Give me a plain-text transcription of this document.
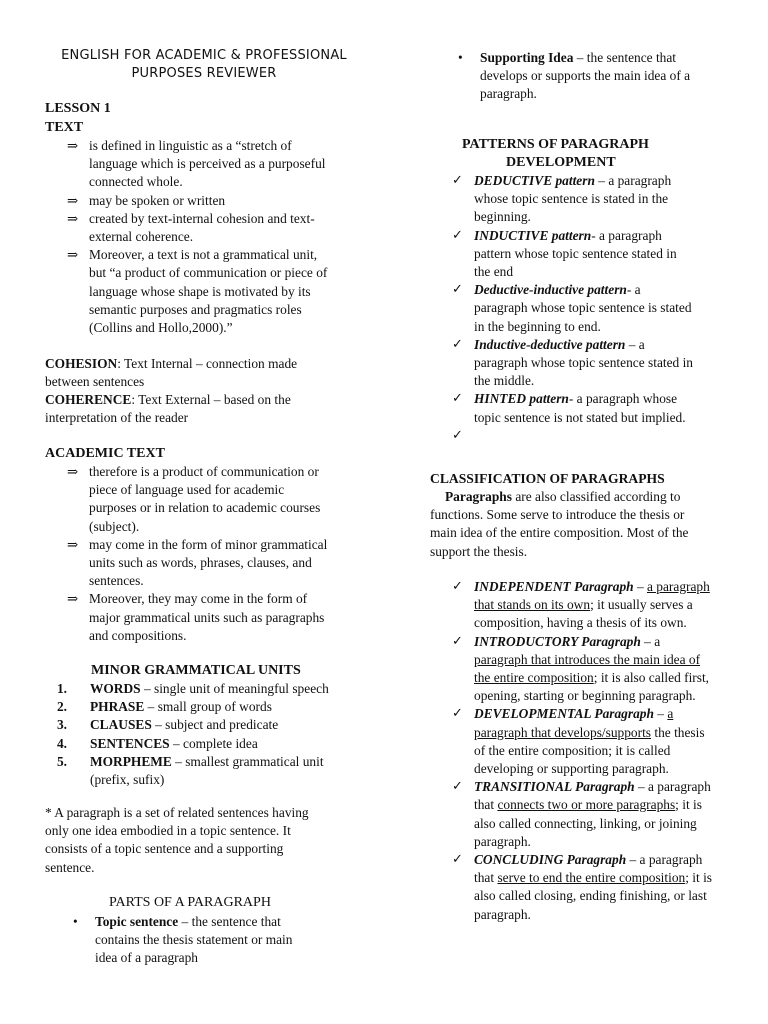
ENGLISH FOR ACADEMIC & PROFESSIONAL
PURPOSES REVIEWER
LESSON 1
TEXT
⇒ is defined in linguistic as a “stretch of
language which is perceived as a purposeful
connected whole.
⇒ may be spoken or written
⇒ created by text-internal cohesion and text-
external coherence.
⇒ Moreover, a text is not a grammatical unit,
but “a product of communication or piece of
language whose shape is motivated by its
semantic purposes and pragmatics roles
(Collins and Hollo,2000).”
COHESION: Text Internal – connection made
between sentences
COHERENCE: Text External – based on the
interpretation of the reader
ACADEMIC TEXT
⇒ therefore is a product of communication or
piece of language used for academic
purposes or in relation to academic courses
(subject).
⇒ may come in the form of minor grammatical
units such as words, phrases, clauses, and
sentences.
⇒ Moreover, they may come in the form of
major grammatical units such as paragraphs
and compositions.
MINOR GRAMMATICAL UNITS
1. WORDS – single unit of meaningful speech
2. PHRASE – small group of words
3. CLAUSES – subject and predicate
4. SENTENCES – complete idea
5. MORPHEME – smallest grammatical unit
(prefix, sufix)
* A paragraph is a set of related sentences having
only one idea embodied in a topic sentence. It
consists of a topic sentence and a supporting
sentence.
PARTS OF A PARAGRAPH
• Topic sentence – the sentence that
contains the thesis statement or main
idea of a paragraph
• Supporting Idea – the sentence that
develops or supports the main idea of a
paragraph.
PATTERNS OF PARAGRAPH
DEVELOPMENT
✓ DEDUCTIVE pattern – a paragraph
whose topic sentence is stated in the
beginning.
✓ INDUCTIVE pattern- a paragraph
pattern whose topic sentence stated in
the end
✓ Deductive-inductive pattern- a
paragraph whose topic sentence is stated
in the beginning to end.
✓ Inductive-deductive pattern – a
paragraph whose topic sentence stated in
the middle.
✓ HINTED pattern- a paragraph whose
topic sentence is not stated but implied.
✓

CLASSIFICATION OF PARAGRAPHS
Paragraphs are also classified according to
functions. Some serve to introduce the thesis or
main idea of the entire composition. Most of the
support the thesis.
✓ INDEPENDENT Paragraph – a paragraph
that stands on its own; it usually serves a
composition, having a thesis of its own.
✓ INTRODUCTORY Paragraph – a
paragraph that introduces the main idea of
the entire composition; it is also called first,
opening, starting or beginning paragraph.
✓ DEVELOPMENTAL Paragraph – a
paragraph that develops/supports the thesis
of the entire composition; it is called
developing or supporting paragraph.
✓ TRANSITIONAL Paragraph – a paragraph
that connects two or more paragraphs; it is
also called connecting, linking, or joining
paragraph.
✓ CONCLUDING Paragraph – a paragraph
that serve to end the entire composition; it is
also called closing, ending finishing, or last
paragraph.
